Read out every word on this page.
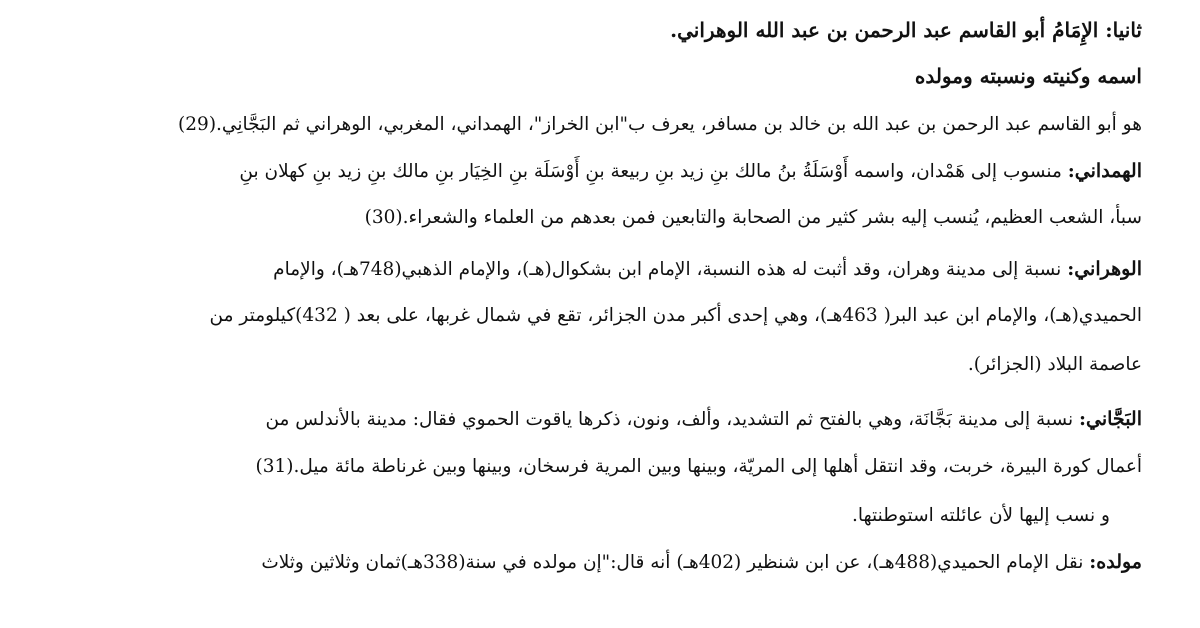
ثانيا: الإِمَامُ أبو القاسم عبد الرحمن بن عبد الله الوهراني.
اسمه وكنيته ونسبته ومولده
هو أبو القاسم عبد الرحمن بن عبد الله بن خالد بن مسافر، يعرف ب"ابن الخراز"، الهمداني، المغربي، الوهراني ثم البَجَّانِي.(29)
الهمداني: منسوب إلى هَمْدان، واسمه أَوْسَلَةُ بنُ مالك بنِ زيد بنِ ربيعة بنِ أَوْسَلَة بنِ الخِيَار بنِ مالك بنِ زيد بنِ كهلان بنِ
سبأ، الشعب العظيم، يُنسب إليه بشر كثير من الصحابة والتابعين فمن بعدهم من العلماء والشعراء.(30)
الوهراني: نسبة إلى مدينة وهران، وقد أثبت له هذه النسبة، الإمام ابن بشكوال(هـ)، والإمام الذهبي(748هـ)، والإمام
الحميدي(هـ)، والإمام ابن عبد البر( 463هـ)، وهي إحدى أكبر مدن الجزائر، تقع في شمال غربها، على بعد ( 432)كيلومتر من
عاصمة البلاد (الجزائر).
البَجَّاني: نسبة إلى مدينة بَجَّانَة، وهي بالفتح ثم التشديد، وألف، ونون، ذكرها ياقوت الحموي فقال: مدينة بالأندلس من
أعمال كورة البيرة، خربت، وقد انتقل أهلها إلى المريّة، وبينها وبين المرية فرسخان، وبينها وبين غرناطة مائة ميل.(31)
و نسب إليها لأن عائلته استوطنتها.
مولده: نقل الإمام الحميدي(488هـ)، عن ابن شنظير (402هـ) أنه قال:"إن مولده في سنة(338هـ)ثمان وثلاثين وثلاث
